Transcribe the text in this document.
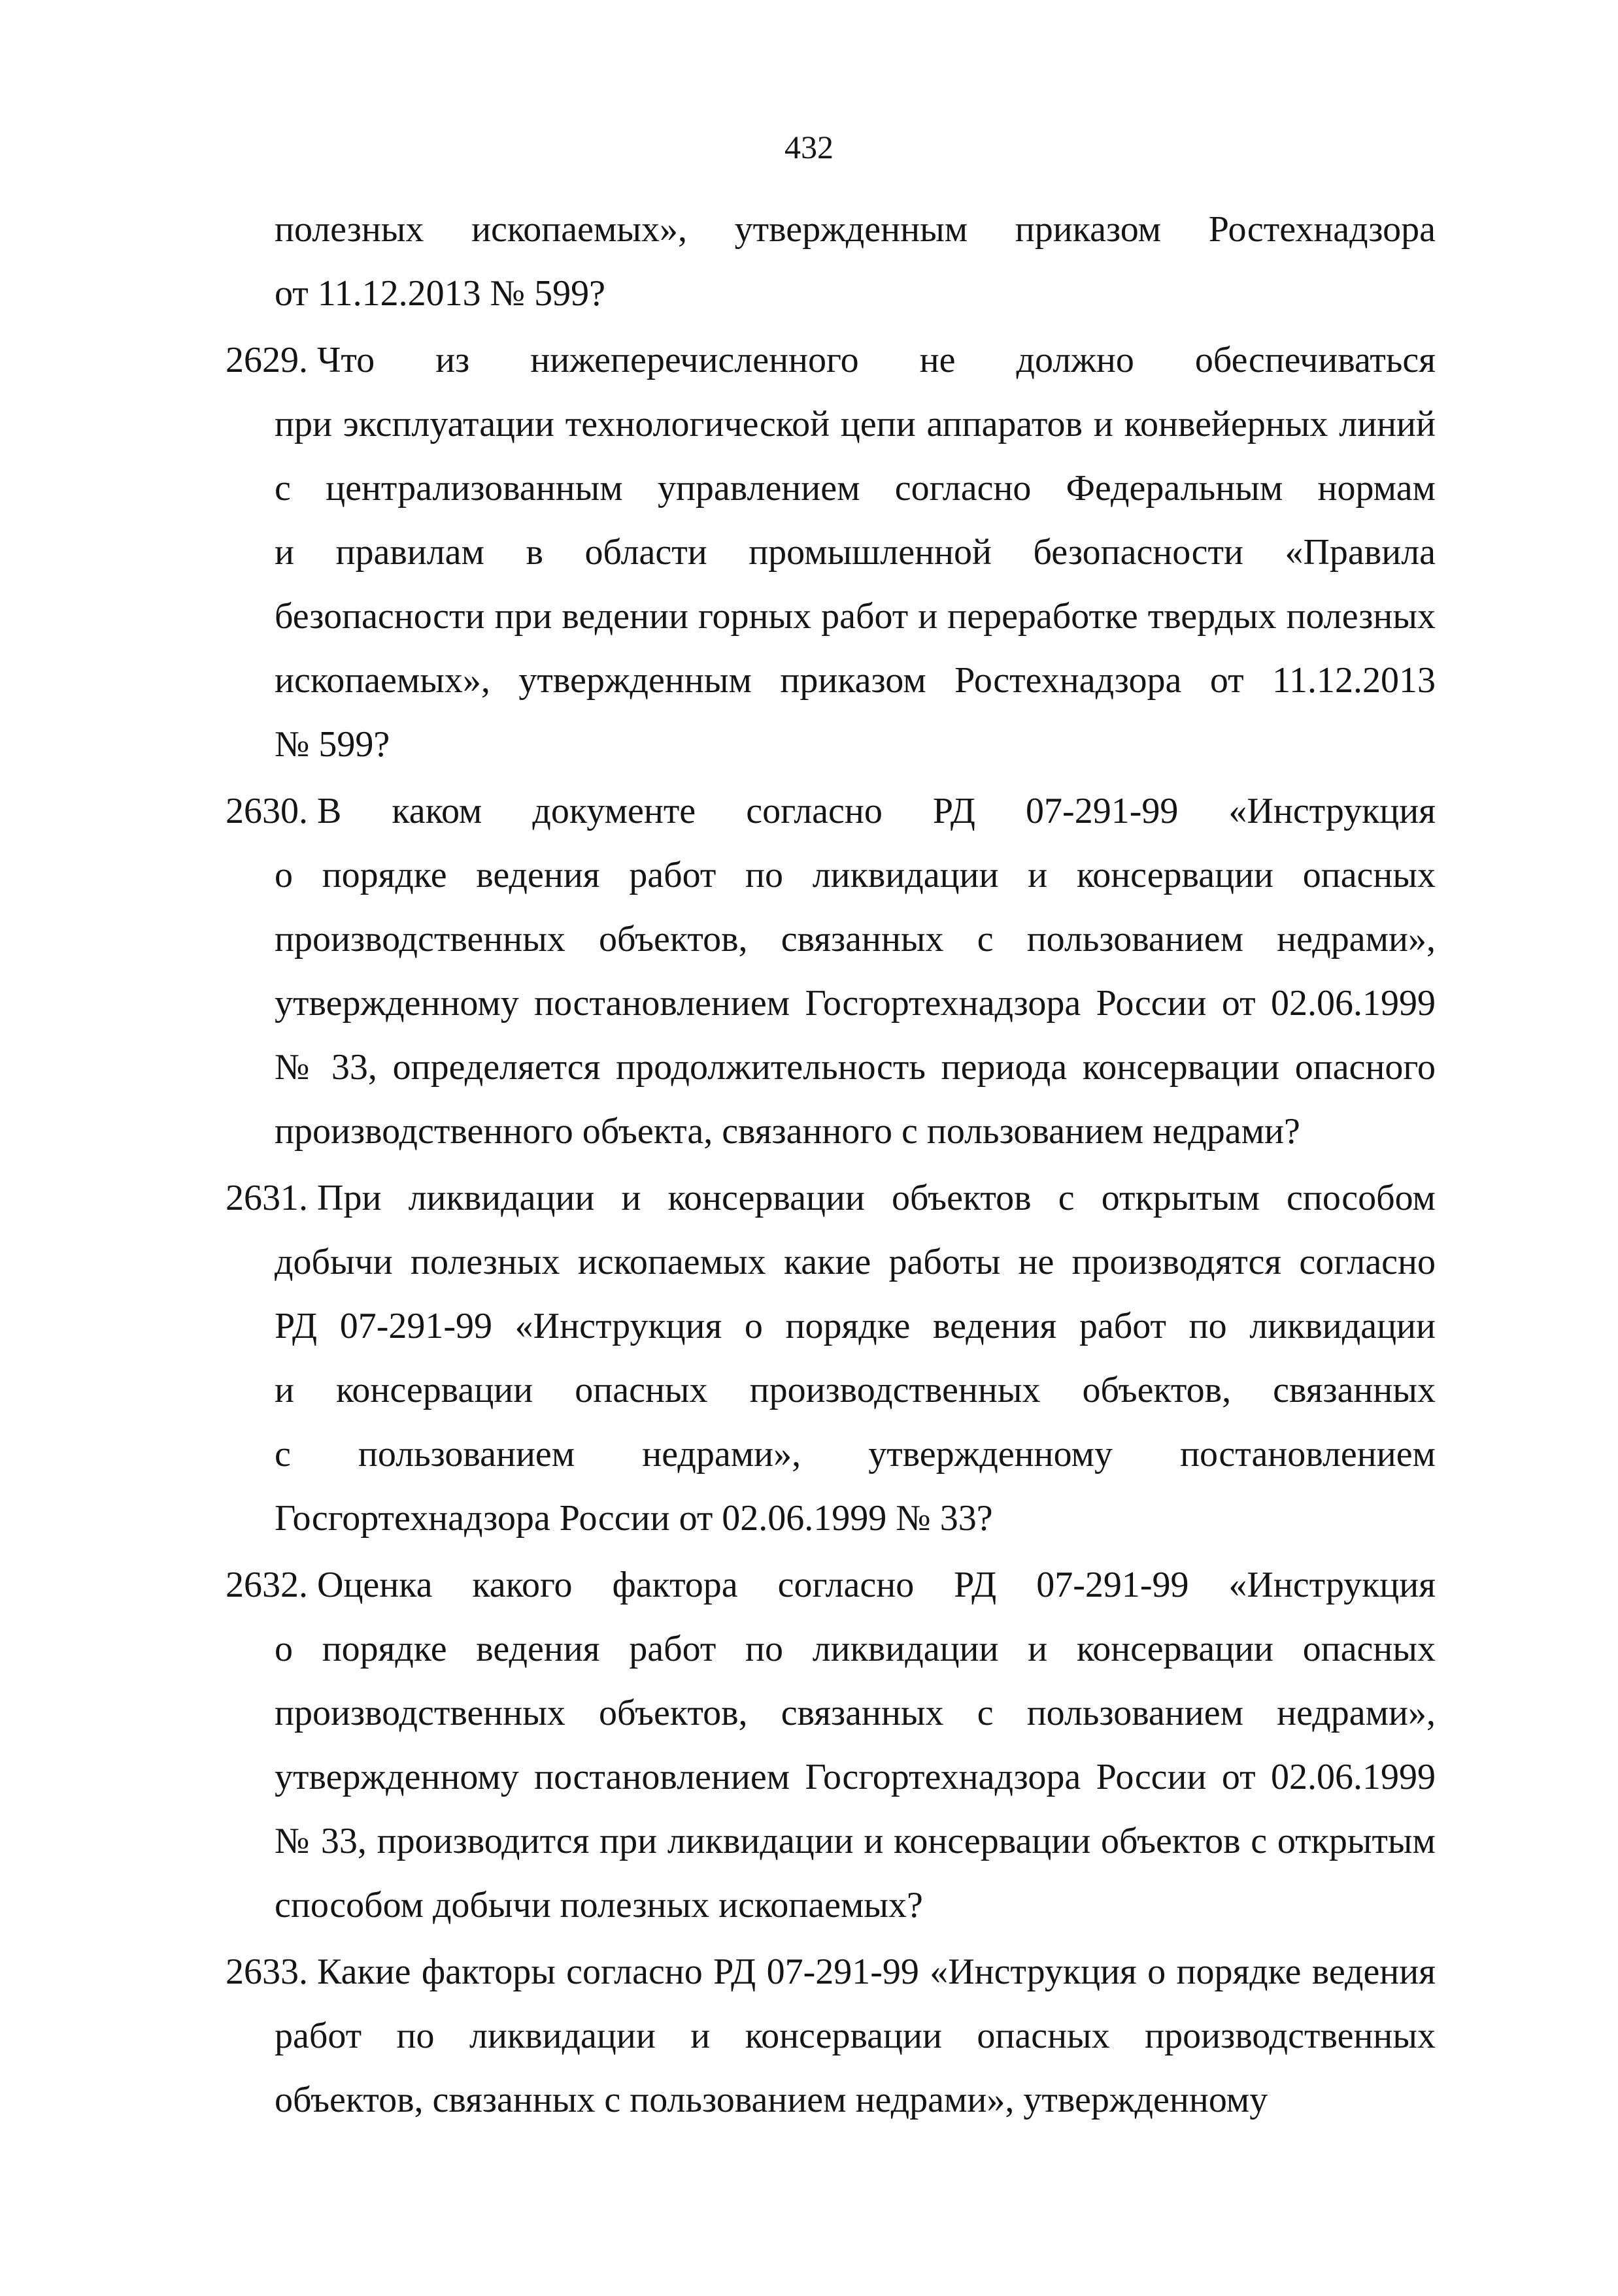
432
полезных ископаемых», утвержденным приказом Ростехнадзора
от 11.12.2013 № 599?
2629. Что из нижеперечисленного не должно обеспечиваться
при эксплуатации технологической цепи аппаратов и конвейерных линий
с централизованным управлением согласно Федеральным нормам
и правилам в области промышленной безопасности «Правила
безопасности при ведении горных работ и переработке твердых полезных
ископаемых», утвержденным приказом Ростехнадзора от 11.12.2013
№ 599?
2630. В каком документе согласно РД 07-291-99 «Инструкция
о порядке ведения работ по ликвидации и консервации опасных
производственных объектов, связанных с пользованием недрами»,
утвержденному постановлением Госгортехнадзора России от 02.06.1999
№ 33, определяется продолжительность периода консервации опасного
производственного объекта, связанного с пользованием недрами?
2631. При ликвидации и консервации объектов с открытым способом
добычи полезных ископаемых какие работы не производятся согласно
РД 07-291-99 «Инструкция о порядке ведения работ по ликвидации
и консервации опасных производственных объектов, связанных
с пользованием недрами», утвержденному постановлением
Госгортехнадзора России от 02.06.1999 № 33?
2632. Оценка какого фактора согласно РД 07-291-99 «Инструкция
о порядке ведения работ по ликвидации и консервации опасных
производственных объектов, связанных с пользованием недрами»,
утвержденному постановлением Госгортехнадзора России от 02.06.1999
№ 33, производится при ликвидации и консервации объектов с открытым
способом добычи полезных ископаемых?
2633. Какие факторы согласно РД 07-291-99 «Инструкция о порядке ведения
работ по ликвидации и консервации опасных производственных
объектов, связанных с пользованием недрами», утвержденному
